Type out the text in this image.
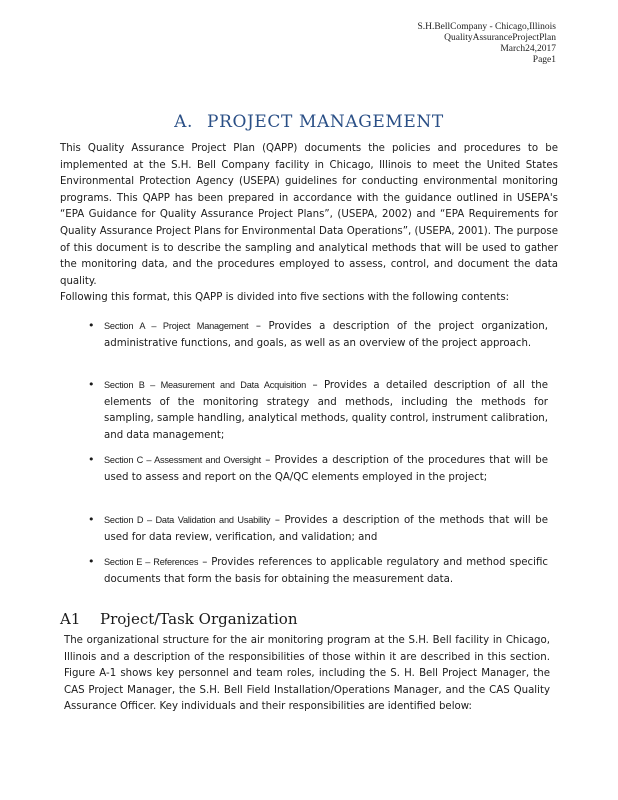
S.H.BellCompany - Chicago,Illinois
QualityAssuranceProjectPlan
March24,2017
Page1
A. PROJECT MANAGEMENT
This Quality Assurance Project Plan (QAPP) documents the policies and procedures to be implemented at the S.H. Bell Company facility in Chicago, Illinois to meet the United States Environmental Protection Agency (USEPA) guidelines for conducting environmental monitoring programs. This QAPP has been prepared in accordance with the guidance outlined in USEPA's “EPA Guidance for Quality Assurance Project Plans”, (USEPA, 2002) and “EPA Requirements for Quality Assurance Project Plans for Environmental Data Operations”, (USEPA, 2001). The purpose of this document is to describe the sampling and analytical methods that will be used to gather the monitoring data, and the procedures employed to assess, control, and document the data quality.
Following this format, this QAPP is divided into five sections with the following contents:
• Section A – Project Management – Provides a description of the project organization, administrative functions, and goals, as well as an overview of the project approach.
• Section B – Measurement and Data Acquisition – Provides a detailed description of all the elements of the monitoring strategy and methods, including the methods for sampling, sample handling, analytical methods, quality control, instrument calibration, and data management;
• Section C – Assessment and Oversight – Provides a description of the procedures that will be used to assess and report on the QA/QC elements employed in the project;
• Section D – Data Validation and Usability – Provides a description of the methods that will be used for data review, verification, and validation; and
• Section E – References – Provides references to applicable regulatory and method specific documents that form the basis for obtaining the measurement data.
A1 Project/Task Organization
The organizational structure for the air monitoring program at the S.H. Bell facility in Chicago, Illinois and a description of the responsibilities of those within it are described in this section. Figure A-1 shows key personnel and team roles, including the S. H. Bell Project Manager, the CAS Project Manager, the S.H. Bell Field Installation/Operations Manager, and the CAS Quality Assurance Officer. Key individuals and their responsibilities are identified below:
